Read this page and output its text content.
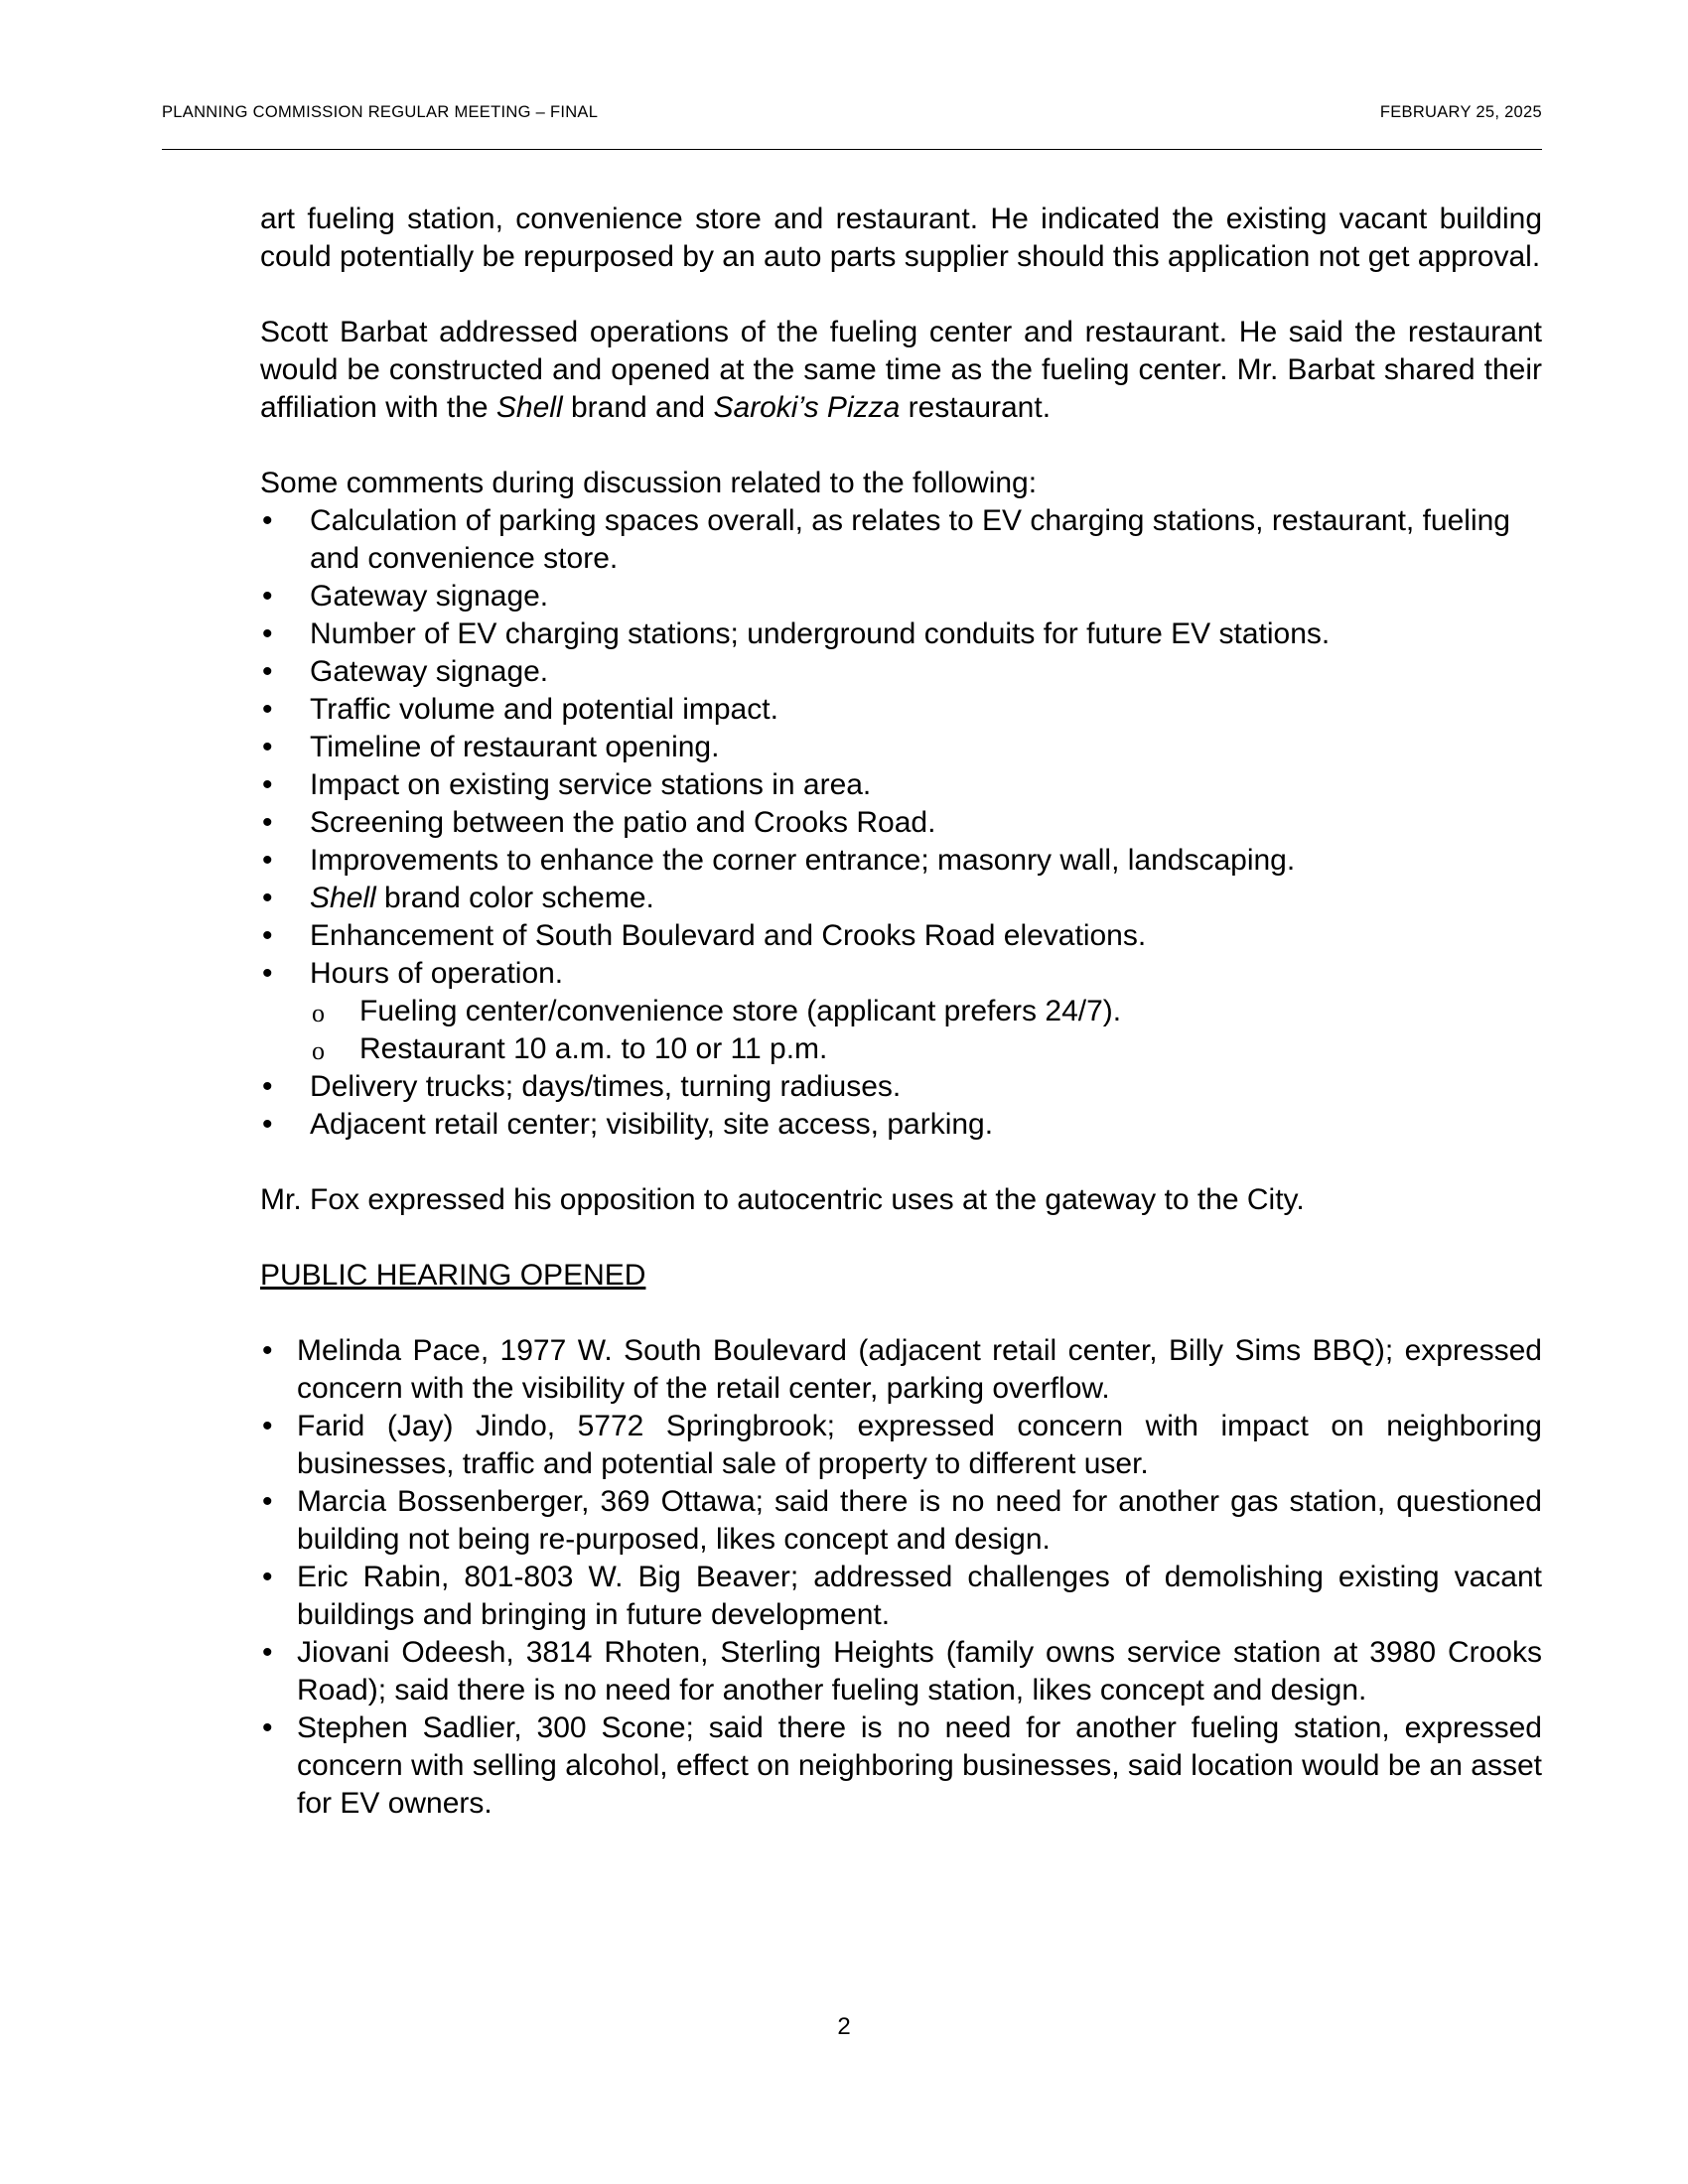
PLANNING COMMISSION REGULAR MEETING – FINAL	FEBRUARY 25, 2025

art fueling station, convenience store and restaurant. He indicated the existing vacant building could potentially be repurposed by an auto parts supplier should this application not get approval.

Scott Barbat addressed operations of the fueling center and restaurant. He said the restaurant would be constructed and opened at the same time as the fueling center. Mr. Barbat shared their affiliation with the Shell brand and Saroki’s Pizza restaurant.

Some comments during discussion related to the following:

• Calculation of parking spaces overall, as relates to EV charging stations, restaurant, fueling and convenience store.
• Gateway signage.
• Number of EV charging stations; underground conduits for future EV stations.
• Gateway signage.
• Traffic volume and potential impact.
• Timeline of restaurant opening.
• Impact on existing service stations in area.
• Screening between the patio and Crooks Road.
• Improvements to enhance the corner entrance; masonry wall, landscaping.
• Shell brand color scheme.
• Enhancement of South Boulevard and Crooks Road elevations.
• Hours of operation.
o Fueling center/convenience store (applicant prefers 24/7).
o Restaurant 10 a.m. to 10 or 11 p.m.
• Delivery trucks; days/times, turning radiuses.
• Adjacent retail center; visibility, site access, parking.

Mr. Fox expressed his opposition to autocentric uses at the gateway to the City.

PUBLIC HEARING OPENED

• Melinda Pace, 1977 W. South Boulevard (adjacent retail center, Billy Sims BBQ); expressed concern with the visibility of the retail center, parking overflow.
• Farid (Jay) Jindo, 5772 Springbrook; expressed concern with impact on neighboring businesses, traffic and potential sale of property to different user.
• Marcia Bossenberger, 369 Ottawa; said there is no need for another gas station, questioned building not being re-purposed, likes concept and design.
• Eric Rabin, 801-803 W. Big Beaver; addressed challenges of demolishing existing vacant buildings and bringing in future development.
• Jiovani Odeesh, 3814 Rhoten, Sterling Heights (family owns service station at 3980 Crooks Road); said there is no need for another fueling station, likes concept and design.
• Stephen Sadlier, 300 Scone; said there is no need for another fueling station, expressed concern with selling alcohol, effect on neighboring businesses, said location would be an asset for EV owners.
2
